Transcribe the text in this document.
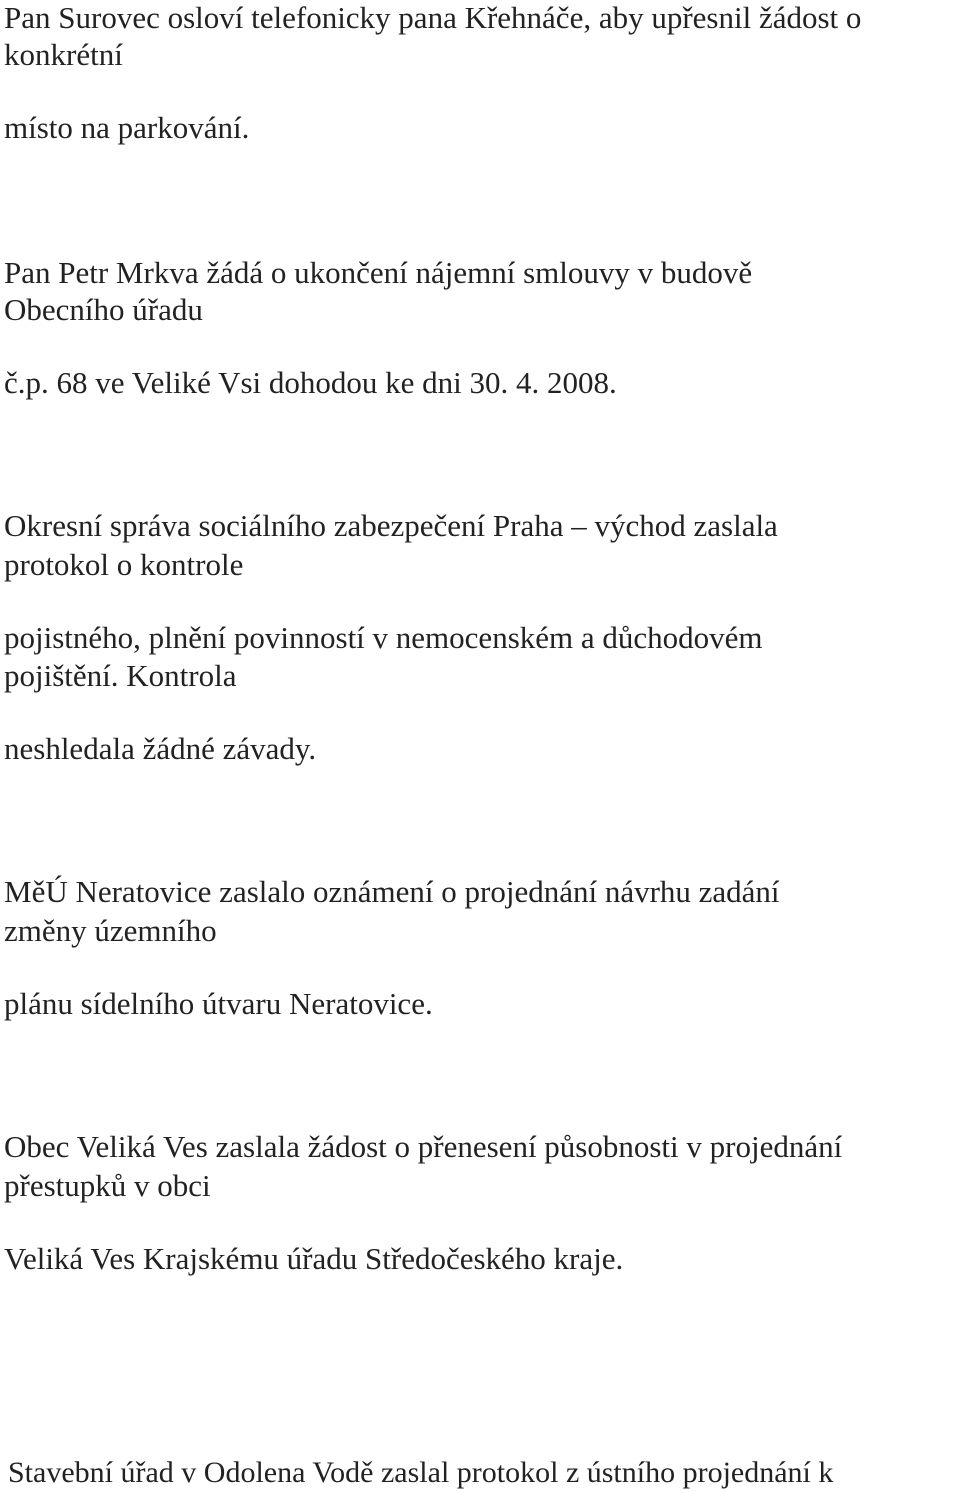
Pan Surovec osloví telefonicky pana Křehnáče, aby upřesnil žádost o

konkrétní

místo na parkování.

Pan Petr Mrkva žádá o ukončení nájemní smlouvy v budově

Obecního úřadu

č.p. 68 ve Veliké Vsi dohodou ke dni 30. 4. 2008.

Okresní správa sociálního zabezpečení Praha – východ zaslala

protokol o kontrole

pojistného, plnění povinností v nemocenském a důchodovém

pojištění. Kontrola

neshledala žádné závady.

MěÚ Neratovice zaslalo oznámení o projednání návrhu zadání

změny územního

plánu sídelního útvaru Neratovice.

Obec Veliká Ves zaslala žádost o přenesení působnosti v projednání

přestupků v obci

Veliká Ves Krajskému úřadu Středočeského kraje.

Stavební úřad v Odolena Vodě zaslal protokol z ústního projednání k
